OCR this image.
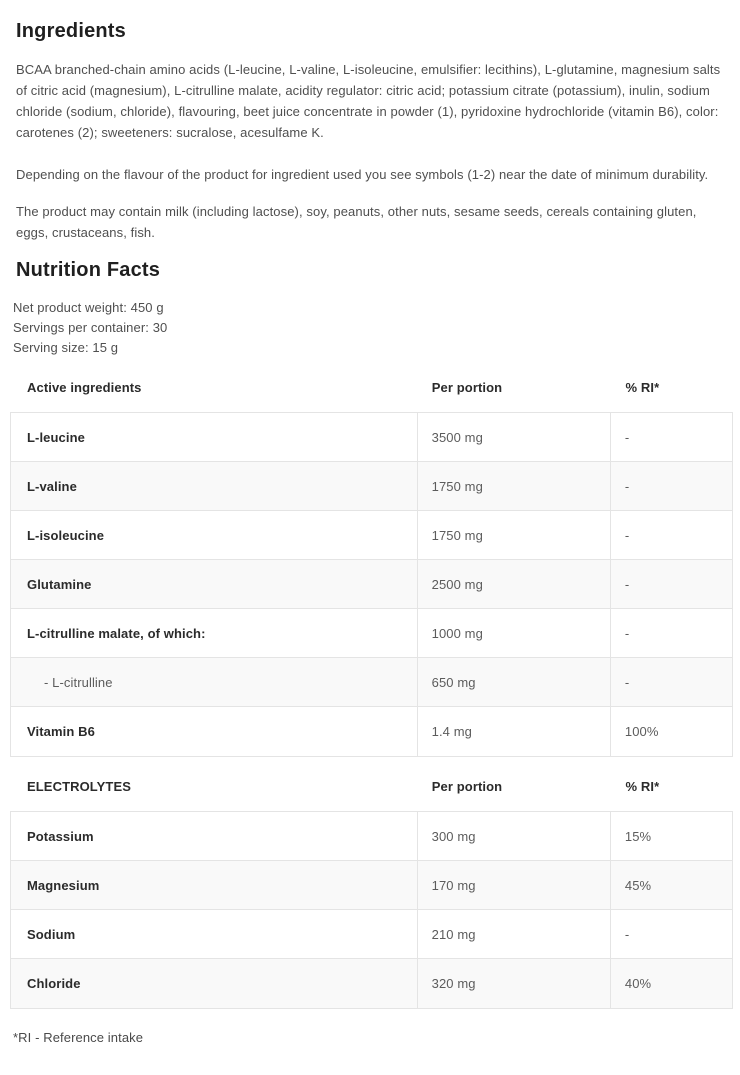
Ingredients

BCAA branched-chain amino acids (L-leucine, L-valine, L-isoleucine, emulsifier: lecithins), L-glutamine, magnesium salts of citric acid (magnesium), L-citrulline malate, acidity regulator: citric acid; potassium citrate (potassium), inulin, sodium chloride (sodium, chloride), flavouring, beet juice concentrate in powder (1), pyridoxine hydrochloride (vitamin B6), color: carotenes (2); sweeteners: sucralose, acesulfame K.

Depending on the flavour of the product for ingredient used you see symbols (1-2) near the date of minimum durability.

The product may contain milk (including lactose), soy, peanuts, other nuts, sesame seeds, cereals containing gluten, eggs, crustaceans, fish.

Nutrition Facts

Net product weight: 450 g

Servings per container: 30

Serving size: 15 g

Active ingredients	Per portion	% RI*
L-leucine	3500 mg	-
L-valine	1750 mg	-
L-isoleucine	1750 mg	-
Glutamine	2500 mg	-
L-citrulline malate, of which:	1000 mg	-
- L-citrulline	650 mg	-
Vitamin B6	1.4 mg	100%
ELECTROLYTES	Per portion	% RI*
Potassium	300 mg	15%
Magnesium	170 mg	45%
Sodium	210 mg	-
Chloride	320 mg	40%

*RI - Reference intake
